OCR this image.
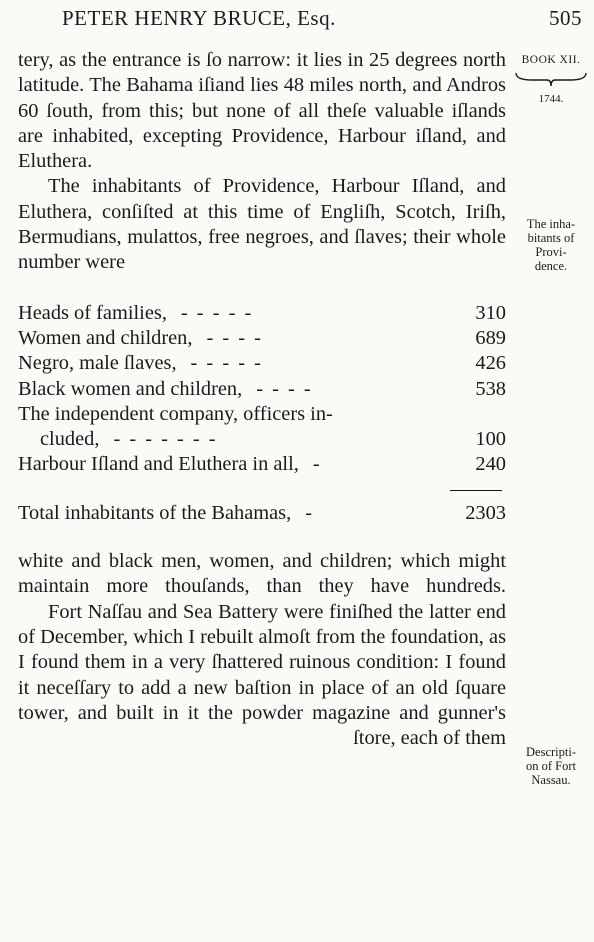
PETER HENRY BRUCE, Esq.	505

tery, as the entrance is ſo narrow: it lies in 25 degrees north latitude. The Bahama iſiand lies 48 miles north, and Andros 60 ſouth, from this; but none of all theſe valuable iſlands are inhabited, excepting Providence, Harbour iſland, and Eluthera.

The inhabitants of Providence, Harbour Iſland, and Eluthera, conſiſted at this time of Engliſh, Scotch, Iriſh, Bermudians, mulattos, free negroes, and ſlaves; their whole number were

Heads of families, - - - - -	310
Women and children, - - - -	689
Negro, male ſlaves, - - - - -	426
Black women and children, - - - -	538
The independent company, officers in-
cluded, - - - - - - -	100
Harbour Iſland and Eluthera in all, -	240
Total inhabitants of the Bahamas, -	2303

white and black men, women, and children; which might maintain more thouſands, than they have hundreds.

Fort Naſſau and Sea Battery were finiſhed the latter end of December, which I rebuilt almoſt from the foundation, as I found them in a very ſhattered ruinous condition: I found it neceſſary to add a new baſtion in place of an old ſquare tower, and built in it the powder magazine and gunner's ſtore, each of them

BOOK XII.
1744.
The inha-
bitants of
Provi-
dence.
Descripti-
on of Fort
Nassau.
